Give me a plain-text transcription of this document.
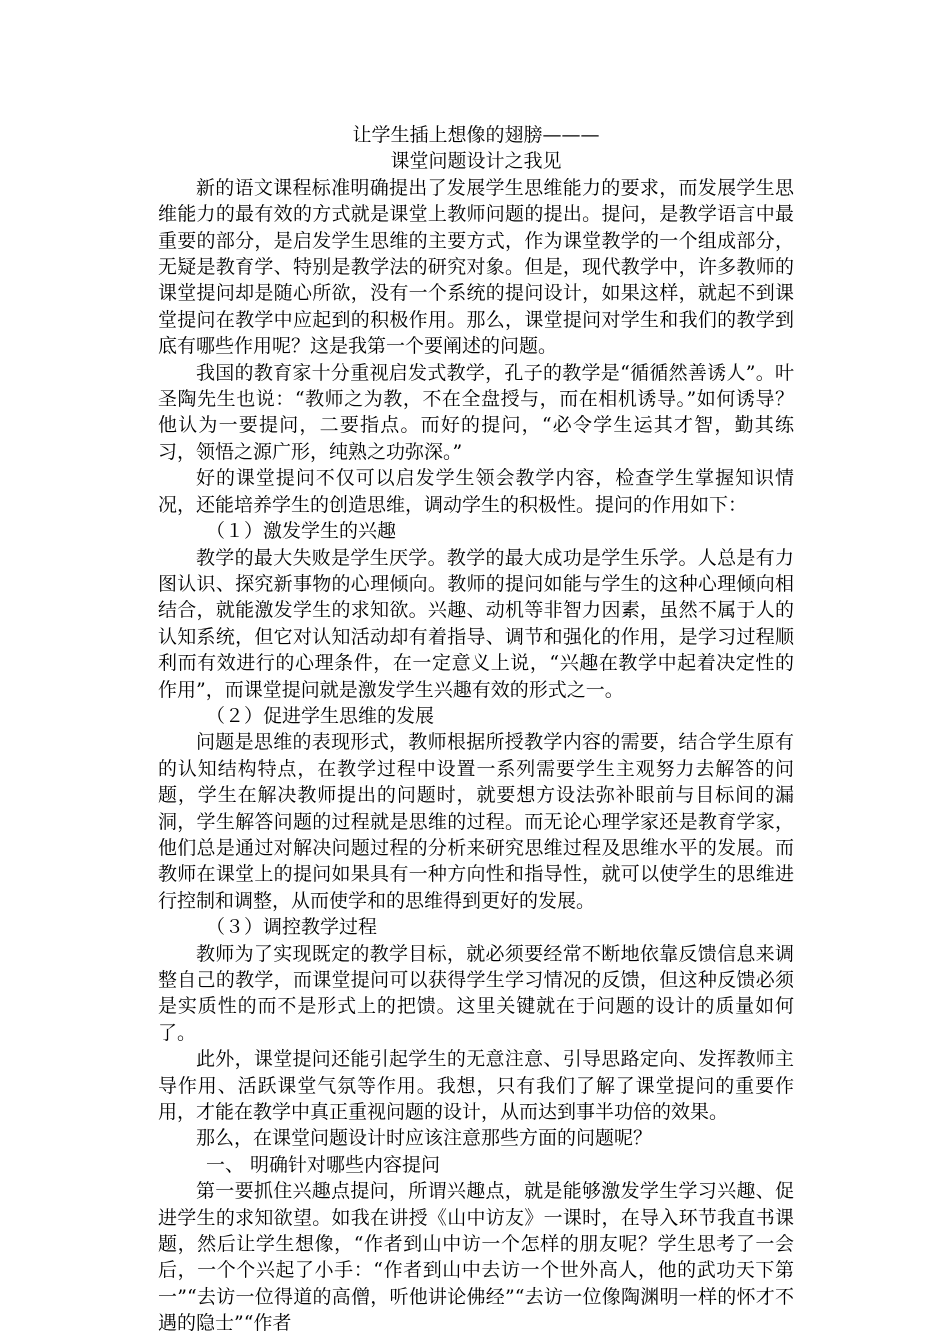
让学生插上想像的翅膀———

课堂问题设计之我见

新的语文课程标准明确提出了发展学生思维能力的要求，而发展学生思维能力的最有效的方式就是课堂上教师问题的提出。提问，是教学语言中最重要的部分，是启发学生思维的主要方式，作为课堂教学的一个组成部分，无疑是教育学、特别是教学法的研究对象。但是，现代教学中，许多教师的课堂提问却是随心所欲，没有一个系统的提问设计，如果这样，就起不到课堂提问在教学中应起到的积极作用。那么，课堂提问对学生和我们的教学到底有哪些作用呢？这是我第一个要阐述的问题。

我国的教育家十分重视启发式教学，孔子的教学是“循循然善诱人”。叶圣陶先生也说：“教师之为教，不在全盘授与，而在相机诱导。”如何诱导？他认为一要提问，二要指点。而好的提问，“必令学生运其才智，勤其练习，领悟之源广形，纯熟之功弥深。”

好的课堂提问不仅可以启发学生领会教学内容，检查学生掌握知识情况，还能培养学生的创造思维，调动学生的积极性。提问的作用如下：

（１）激发学生的兴趣

教学的最大失败是学生厌学。教学的最大成功是学生乐学。人总是有力图认识、探究新事物的心理倾向。教师的提问如能与学生的这种心理倾向相结合，就能激发学生的求知欲。兴趣、动机等非智力因素，虽然不属于人的认知系统，但它对认知活动却有着指导、调节和强化的作用，是学习过程顺利而有效进行的心理条件，在一定意义上说，“兴趣在教学中起着决定性的作用”，而课堂提问就是激发学生兴趣有效的形式之一。

（２）促进学生思维的发展

问题是思维的表现形式，教师根据所授教学内容的需要，结合学生原有的认知结构特点，在教学过程中设置一系列需要学生主观努力去解答的问题，学生在解决教师提出的问题时，就要想方设法弥补眼前与目标间的漏洞，学生解答问题的过程就是思维的过程。而无论心理学家还是教育学家，他们总是通过对解决问题过程的分析来研究思维过程及思维水平的发展。而教师在课堂上的提问如果具有一种方向性和指导性，就可以使学生的思维进行控制和调整，从而使学和的思维得到更好的发展。

（３）调控教学过程

教师为了实现既定的教学目标，就必须要经常不断地依靠反馈信息来调整自己的教学，而课堂提问可以获得学生学习情况的反馈，但这种反馈必须是实质性的而不是形式上的把馈。这里关键就在于问题的设计的质量如何了。

此外，课堂提问还能引起学生的无意注意、引导思路定向、发挥教师主导作用、活跃课堂气氛等作用。我想，只有我们了解了课堂提问的重要作用，才能在教学中真正重视问题的设计，从而达到事半功倍的效果。

那么，在课堂问题设计时应该注意那些方面的问题呢？

一、 明确针对哪些内容提问

第一要抓住兴趣点提问，所谓兴趣点，就是能够激发学生学习兴趣、促进学生的求知欲望。如我在讲授《山中访友》一课时，在导入环节我直书课题，然后让学生想像，“作者到山中访一个怎样的朋友呢？学生思考了一会后，一个个兴起了小手：“作者到山中去访一个世外高人，他的武功天下第一”“去访一位得道的高僧，听他讲论佛经”“去访一位像陶渊明一样的怀才不遇的隐士”“作者
